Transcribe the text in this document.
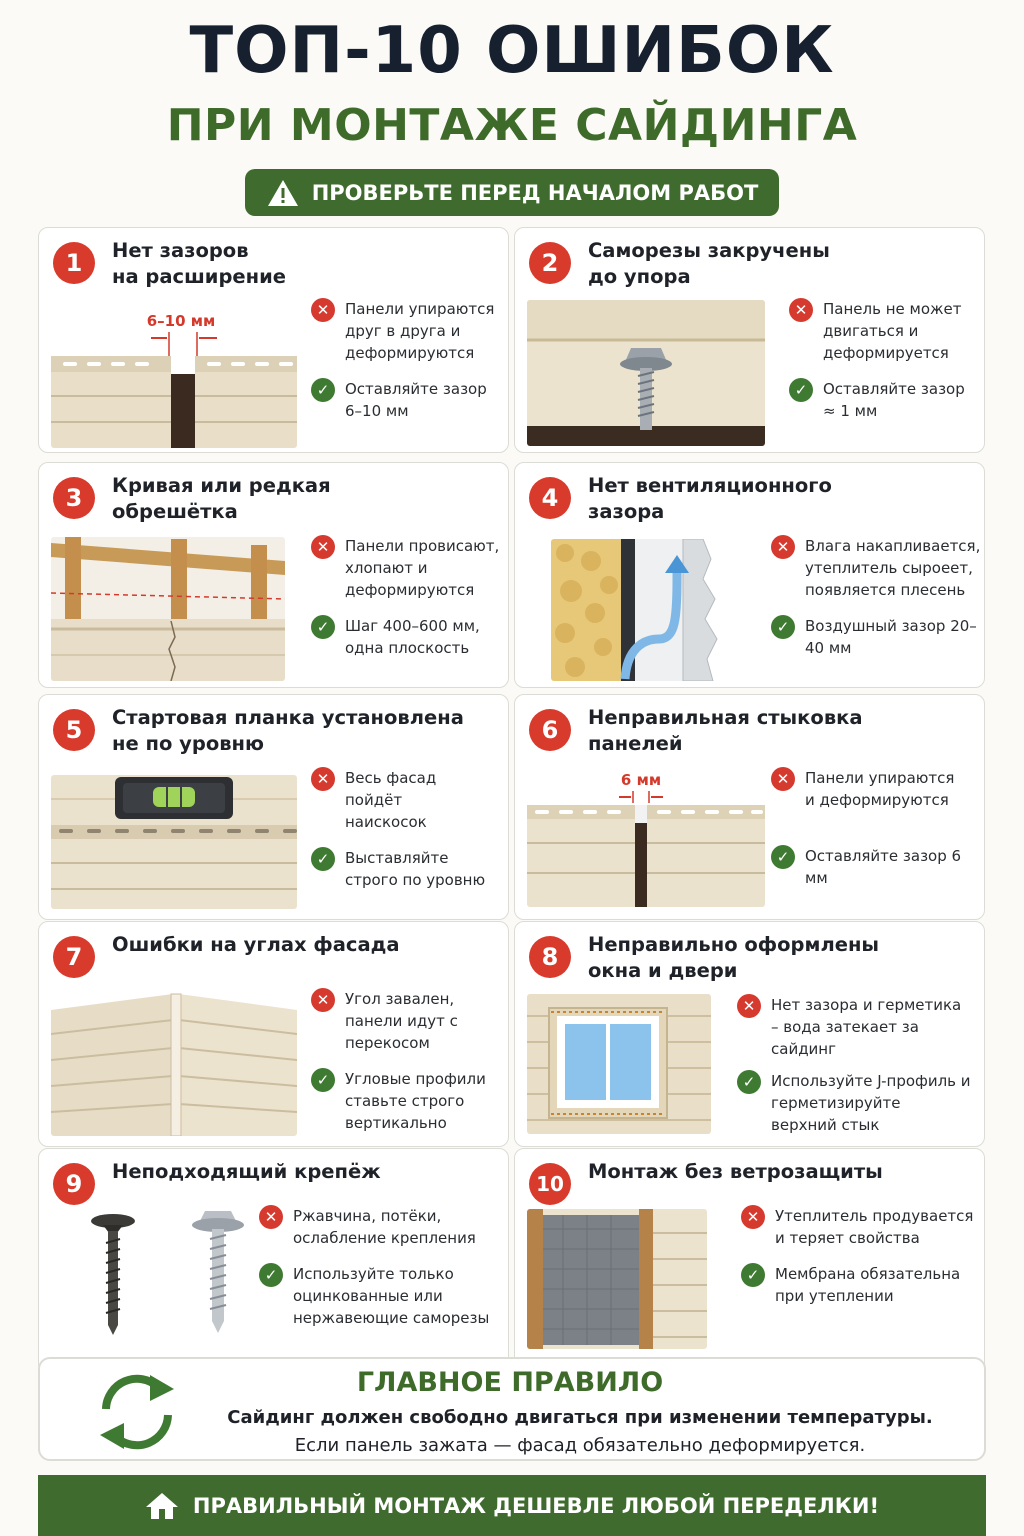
ТОП-10 ОШИБОК
ПРИ МОНТАЖЕ САЙДИНГА
ПРОВЕРЬТЕ ПЕРЕД НАЧАЛОМ РАБОТ
1	Нет зазоров
на расширение
6–10 мм
✕	Панели упираются друг в друга и деформируются
✓	Оставляйте зазор 6–10 мм
2	Саморезы закручены
до упора
✕	Панель не может двигаться и деформируется
✓	Оставляйте зазор ≈ 1 мм
3	Кривая или редкая
обрешётка
✕	Панели провисают, хлопают и деформируются
✓	Шаг 400–600 мм, одна плоскость
4	Нет вентиляционного
зазора
✕	Влага накапливается, утеплитель сыроеет, появляется плесень
✓	Воздушный зазор 20–40 мм
5	Стартовая планка установлена
не по уровню
✕	Весь фасад пойдёт наискосок
✓	Выставляйте строго по уровню
6	Неправильная стыковка
панелей
6 мм	✕	Панели упираются и деформируются
✓	Оставляйте зазор 6 мм
7	Ошибки на углах фасада
✕	Угол завален, панели идут с перекосом
✓	Угловые профили ставьте строго вертикально
8	Неправильно оформлены
окна и двери
✕	Нет зазора и герметика – вода затекает за сайдинг
✓	Используйте J-профиль и герметизируйте верхний стык
9	Неподходящий крепёж
✕	Ржавчина, потёки, ослабление крепления
✓	Используйте только оцинкованные или нержавеющие саморезы
10
Монтаж без ветрозащиты
✕	Утеплитель продувается и теряет свойства
✓	Мембрана обязательна при утеплении
ГЛАВНОЕ ПРАВИЛО
Сайдинг должен свободно двигаться при изменении температуры.
Если панель зажата — фасад обязательно деформируется.
ПРАВИЛЬНЫЙ МОНТАЖ ДЕШЕВЛЕ ЛЮБОЙ ПЕРЕДЕЛКИ!
